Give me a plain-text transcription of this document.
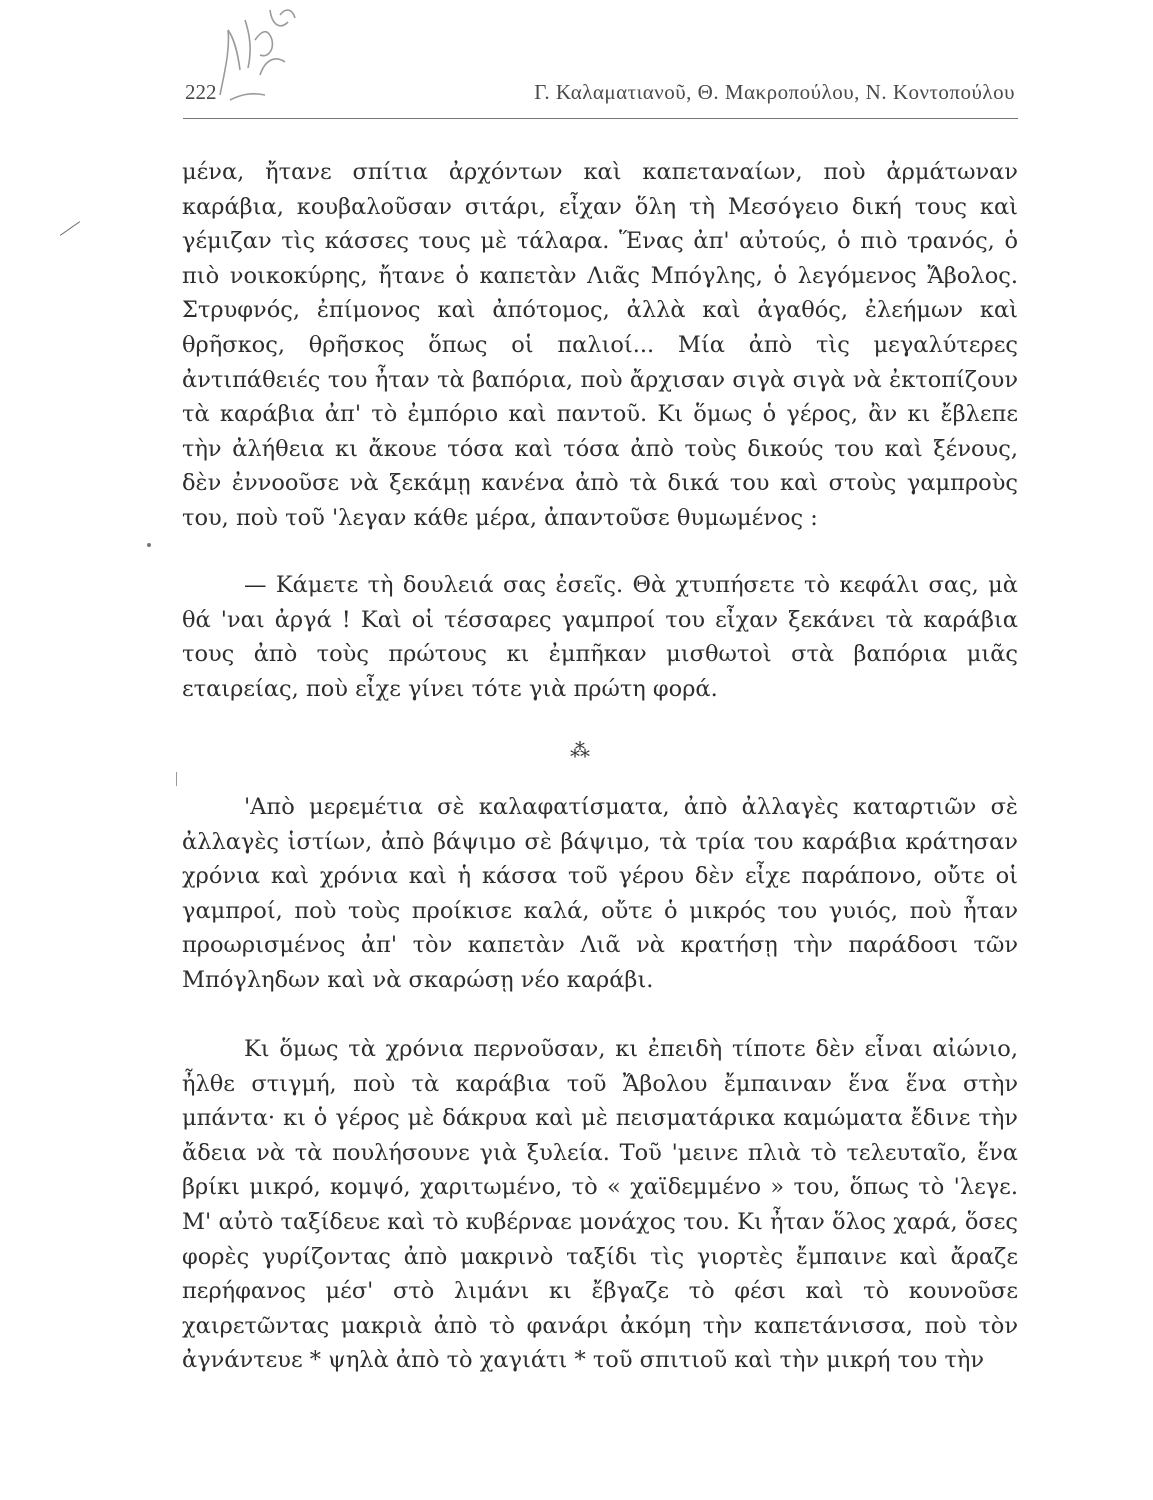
222	Γ. Καλαματιανοῦ, Θ. Μακροπούλου, Ν. Κοντοπούλου

μένα, ἤτανε σπίτια ἀρχόντων καὶ καπεταναίων, ποὺ ἀρμάτωναν καράβια, κουβαλοῦσαν σιτάρι, εἶχαν ὅλη τὴ Μεσόγειο δική τους καὶ γέμιζαν τὶς κάσσες τους μὲ τάλαρα. Ἕνας ἀπ' αὐτούς, ὁ πιὸ τρανός, ὁ πιὸ νοικοκύρης, ἤτανε ὁ καπετὰν Λιᾶς Μπόγλης, ὁ λεγόμενος Ἄβολος. Στρυφνός, ἐπίμονος καὶ ἀπότομος, ἀλλὰ καὶ ἀγαθός, ἐλεήμων καὶ θρῆσκος, θρῆσκος ὅπως οἱ παλιοί... Μία ἀπὸ τὶς μεγαλύτερες ἀντιπάθειές του ἦταν τὰ βαπόρια, ποὺ ἄρχισαν σιγὰ σιγὰ νὰ ἐκτοπίζουν τὰ καράβια ἀπ' τὸ ἐμπόριο καὶ παντοῦ. Κι ὅμως ὁ γέρος, ἂν κι ἔβλεπε τὴν ἀλήθεια κι ἄκουε τόσα καὶ τόσα ἀπὸ τοὺς δικούς του καὶ ξένους, δὲν ἐννοοῦσε νὰ ξεκάμῃ κανένα ἀπὸ τὰ δικά του καὶ στοὺς γαμπροὺς του, ποὺ τοῦ 'λεγαν κάθε μέρα, ἀπαντοῦσε θυμωμένος :

— Κάμετε τὴ δουλειά σας ἐσεῖς. Θὰ χτυπήσετε τὸ κεφάλι σας, μὰ θά 'ναι ἀργά ! Καὶ οἱ τέσσαρες γαμπροί του εἶχαν ξεκάνει τὰ καράβια τους ἀπὸ τοὺς πρώτους κι ἐμπῆκαν μισθωτοὶ στὰ βαπόρια μιᾶς εταιρείας, ποὺ εἶχε γίνει τότε γιὰ πρώτη φορά.

⁂

'Απὸ μερεμέτια σὲ καλαφατίσματα, ἀπὸ ἀλλαγὲς καταρτιῶν σὲ ἀλλαγὲς ἱστίων, ἀπὸ βάψιμο σὲ βάψιμο, τὰ τρία του καράβια κράτησαν χρόνια καὶ χρόνια καὶ ἡ κάσσα τοῦ γέρου δὲν εἶχε παράπονο, οὔτε οἱ γαμπροί, ποὺ τοὺς προίκισε καλά, οὔτε ὁ μικρός του γυιός, ποὺ ἦταν προωρισμένος ἀπ' τὸν καπετὰν Λιᾶ νὰ κρατήσῃ τὴν παράδοσι τῶν Μπόγληδων καὶ νὰ σκαρώσῃ νέο καράβι.

Κι ὅμως τὰ χρόνια περνοῦσαν, κι ἐπειδὴ τίποτε δὲν εἶναι αἰώνιο, ἦλθε στιγμή, ποὺ τὰ καράβια τοῦ Ἄβολου ἔμπαιναν ἕνα ἕνα στὴν μπάντα· κι ὁ γέρος μὲ δάκρυα καὶ μὲ πεισματάρικα καμώματα ἔδινε τὴν ἄδεια νὰ τὰ πουλήσουνε γιὰ ξυλεία. Τοῦ 'μεινε πλιὰ τὸ τελευταῖο, ἕνα βρίκι μικρό, κομψό, χαριτωμένο, τὸ « χαϊδεμμένο » του, ὅπως τὸ 'λεγε. Μ' αὐτὸ ταξίδευε καὶ τὸ κυβέρναε μονάχος του. Κι ἦταν ὅλος χαρά, ὅσες φορὲς γυρίζοντας ἀπὸ μακρινὸ ταξίδι τὶς γιορτὲς ἔμπαινε καὶ ἄραζε περήφανος μέσ' στὸ λιμάνι κι ἔβγαζε τὸ φέσι καὶ τὸ κουνοῦσε χαιρετῶντας μακριὰ ἀπὸ τὸ φανάρι ἀκόμη τὴν καπετάνισσα, ποὺ τὸν ἀγνάντευε * ψηλὰ ἀπὸ τὸ χαγιάτι * τοῦ σπιτιοῦ καὶ τὴν μικρή του τὴν
